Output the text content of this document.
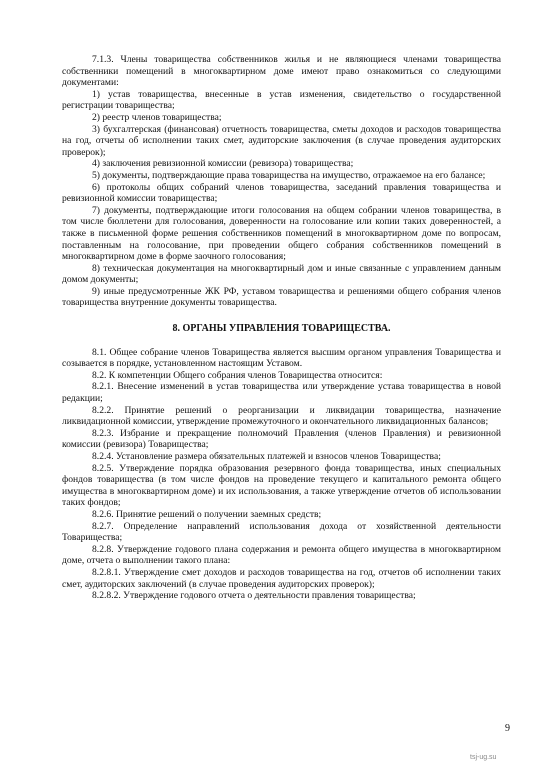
7.1.3. Члены товарищества собственников жилья и не являющиеся членами товарищества собственники помещений в многоквартирном доме имеют право ознакомиться со следующими документами:

1) устав товарищества, внесенные в устав изменения, свидетельство о государственной регистрации товарищества;

2) реестр членов товарищества;

3) бухгалтерская (финансовая) отчетность товарищества, сметы доходов и расходов товарищества на год, отчеты об исполнении таких смет, аудиторские заключения (в случае проведения аудиторских проверок);

4) заключения ревизионной комиссии (ревизора) товарищества;

5) документы, подтверждающие права товарищества на имущество, отражаемое на его балансе;

6) протоколы общих собраний членов товарищества, заседаний правления товарищества и ревизионной комиссии товарищества;

7) документы, подтверждающие итоги голосования на общем собрании членов товарищества, в том числе бюллетени для голосования, доверенности на голосование или копии таких доверенностей, а также в письменной форме решения собственников помещений в многоквартирном доме по вопросам, поставленным на голосование, при проведении общего собрания собственников помещений в многоквартирном доме в форме заочного голосования;

8) техническая документация на многоквартирный дом и иные связанные с управлением данным домом документы;

9) иные предусмотренные ЖК РФ, уставом товарищества и решениями общего собрания членов товарищества внутренние документы товарищества.

8. ОРГАНЫ УПРАВЛЕНИЯ ТОВАРИЩЕСТВА.

8.1. Общее собрание членов Товарищества является высшим органом управления Товарищества и созывается в порядке, установленном настоящим Уставом.

8.2. К компетенции Общего собрания членов Товарищества относится:

8.2.1. Внесение изменений в устав товарищества или утверждение устава товарищества в новой редакции;

8.2.2. Принятие решений о реорганизации и ликвидации товарищества, назначение ликвидационной комиссии, утверждение промежуточного и окончательного ликвидационных балансов;

8.2.3. Избрание и прекращение полномочий Правления (членов Правления) и ревизионной комиссии (ревизора) Товарищества;

8.2.4. Установление размера обязательных платежей и взносов членов Товарищества;

8.2.5. Утверждение порядка образования резервного фонда товарищества, иных специальных фондов товарищества (в том числе фондов на проведение текущего и капитального ремонта общего имущества в многоквартирном доме) и их использования, а также утверждение отчетов об использовании таких фондов;

8.2.6. Принятие решений о получении заемных средств;

8.2.7. Определение направлений использования дохода от хозяйственной деятельности Товарищества;

8.2.8. Утверждение годового плана содержания и ремонта общего имущества в многоквартирном доме, отчета о выполнении такого плана:

8.2.8.1. Утверждение смет доходов и расходов товарищества на год, отчетов об исполнении таких смет, аудиторских заключений (в случае проведения аудиторских проверок);

8.2.8.2. Утверждение годового отчета о деятельности правления товарищества;

9
tsj-ug.su
